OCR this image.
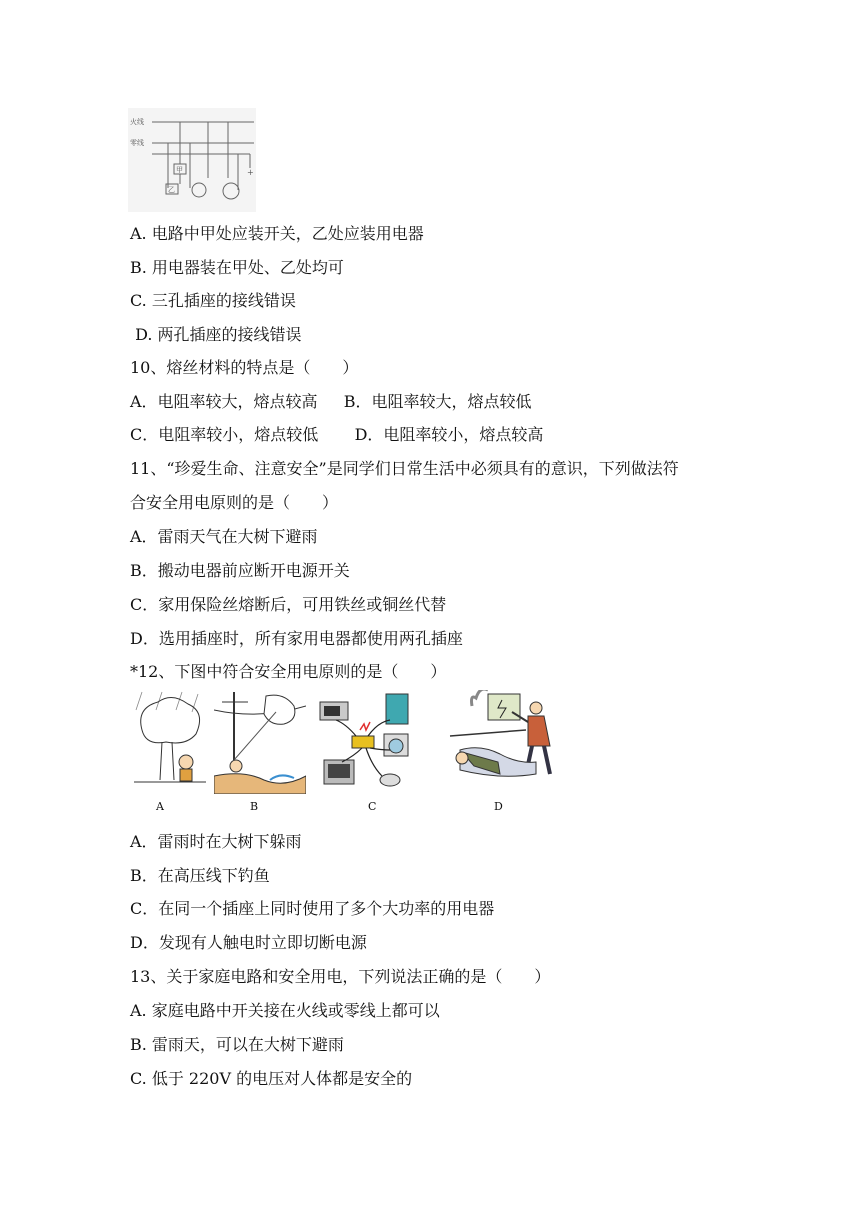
火线
零线
甲
乙
+
A. 电路中甲处应装开关，乙处应装用电器
B. 用电器装在甲处、乙处均可
C. 三孔插座的接线错误
D. 两孔插座的接线错误
10、熔丝材料的特点是（　　）
A．电阻率较大，熔点较高　  B．电阻率较大，熔点较低
C．电阻率较小，熔点较低　    D．电阻率较小，熔点较高
11、“珍爱生命、注意安全”是同学们日常生活中必须具有的意识，下列做法符
合安全用电原则的是（　　）
A．雷雨天气在大树下避雨
B．搬动电器前应断开电源开关
C．家用保险丝熔断后，可用铁丝或铜丝代替
D．选用插座时，所有家用电器都使用两孔插座
*12、下图中符合安全用电原则的是（　　）
A	B	C	D
A．雷雨时在大树下躲雨
B．在高压线下钓鱼
C．在同一个插座上同时使用了多个大功率的用电器
D．发现有人触电时立即切断电源
13、关于家庭电路和安全用电，下列说法正确的是（　　）
A. 家庭电路中开关接在火线或零线上都可以
B. 雷雨天，可以在大树下避雨
C. 低于 220V 的电压对人体都是安全的
